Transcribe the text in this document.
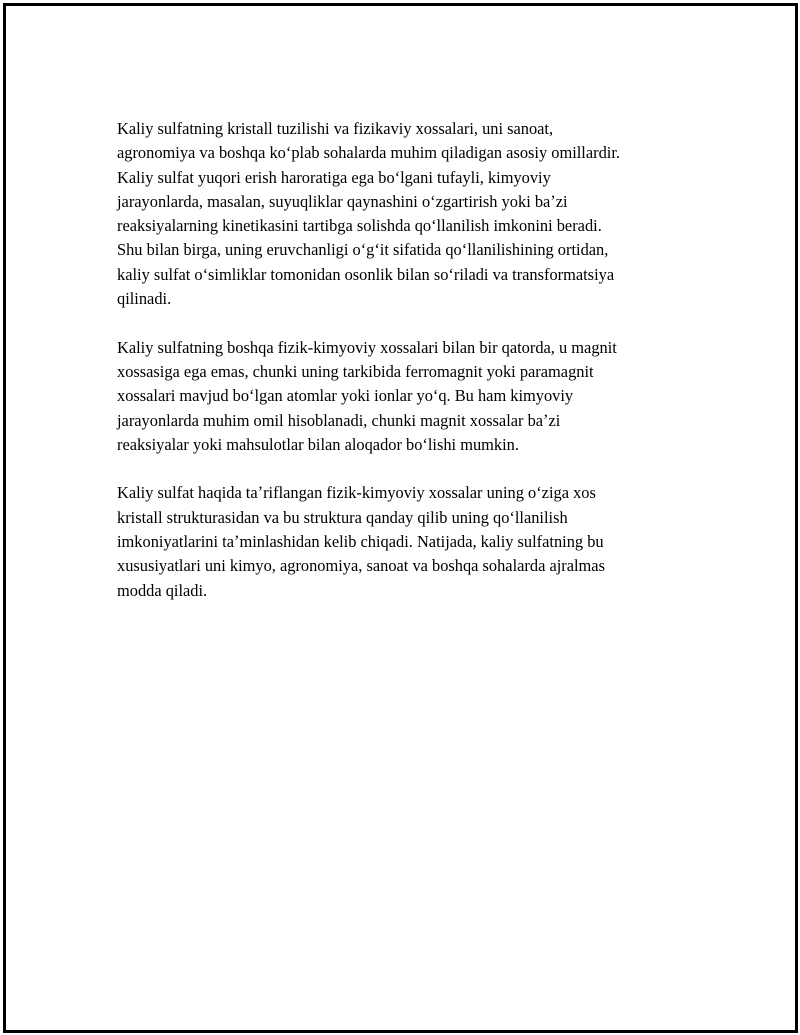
Kaliy sulfatning kristall tuzilishi va fizikaviy xossalari, uni sanoat,
agronomiya va boshqa koʻplab sohalarda muhim qiladigan asosiy omillardir.
Kaliy sulfat yuqori erish haroratiga ega boʻlgani tufayli, kimyoviy
jarayonlarda, masalan, suyuqliklar qaynashini oʻzgartirish yoki baʼzi
reaksiyalarning kinetikasini tartibga solishda qoʻllanilish imkonini beradi.
Shu bilan birga, uning eruvchanligi oʻgʻit sifatida qoʻllanilishining ortidan,
kaliy sulfat oʻsimliklar tomonidan osonlik bilan soʻriladi va transformatsiya
qilinadi.

Kaliy sulfatning boshqa fizik-kimyoviy xossalari bilan bir qatorda, u magnit
xossasiga ega emas, chunki uning tarkibida ferromagnit yoki paramagnit
xossalari mavjud boʻlgan atomlar yoki ionlar yoʻq. Bu ham kimyoviy
jarayonlarda muhim omil hisoblanadi, chunki magnit xossalar baʼzi
reaksiyalar yoki mahsulotlar bilan aloqador boʻlishi mumkin.

Kaliy sulfat haqida taʼriflangan fizik-kimyoviy xossalar uning oʻziga xos
kristall strukturasidan va bu struktura qanday qilib uning qoʻllanilish
imkoniyatlarini taʼminlashidan kelib chiqadi. Natijada, kaliy sulfatning bu
xususiyatlari uni kimyo, agronomiya, sanoat va boshqa sohalarda ajralmas
modda qiladi.
